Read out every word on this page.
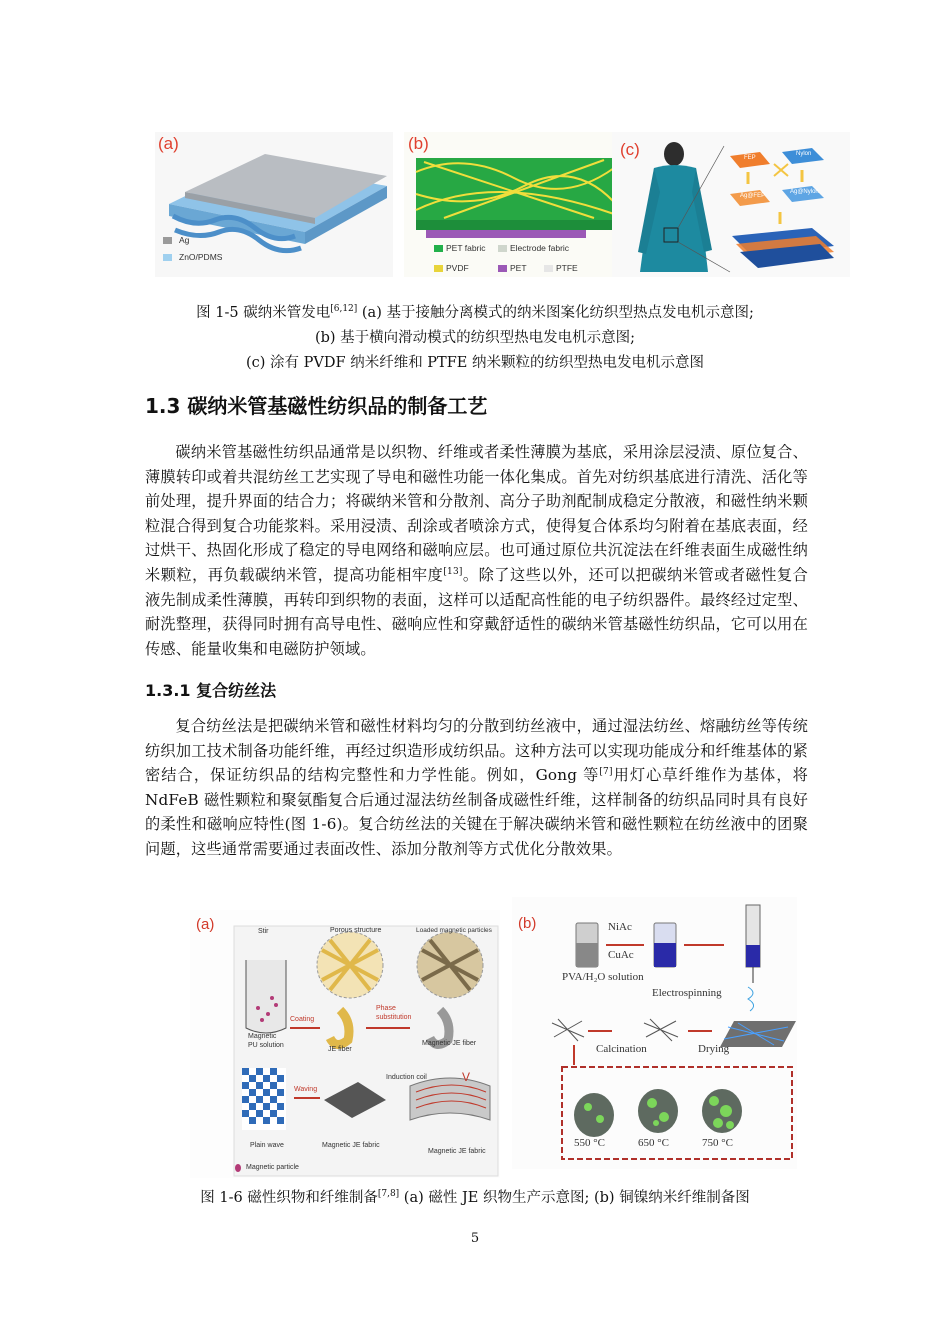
(a)
Ag
ZnO/PDMS
(b)
PET fabric	Electrode fabric
PVDF	PET	PTFE
(c)	FEP
Nylon
Ag@FEP
Ag@Nylon
图 1-5 碳纳米管发电[6,12] (a) 基于接触分离模式的纳米图案化纺织型热点发电机示意图;
(b) 基于横向滑动模式的纺织型热电发电机示意图;
(c) 涂有 PVDF 纳米纤维和 PTFE 纳米颗粒的纺织型热电发电机示意图
1.3 碳纳米管基磁性纺织品的制备工艺
碳纳米管基磁性纺织品通常是以织物、纤维或者柔性薄膜为基底，采用涂层浸渍、原位复合、薄膜转印或着共混纺丝工艺实现了导电和磁性功能一体化集成。首先对纺织基底进行清洗、活化等前处理，提升界面的结合力；将碳纳米管和分散剂、高分子助剂配制成稳定分散液，和磁性纳米颗粒混合得到复合功能浆料。采用浸渍、刮涂或者喷涂方式，使得复合体系均匀附着在基底表面，经过烘干、热固化形成了稳定的导电网络和磁响应层。也可通过原位共沉淀法在纤维表面生成磁性纳米颗粒，再负载碳纳米管，提高功能相牢度[13]。除了这些以外，还可以把碳纳米管或者磁性复合液先制成柔性薄膜，再转印到织物的表面，这样可以适配高性能的电子纺织器件。最终经过定型、耐洗整理，获得同时拥有高导电性、磁响应性和穿戴舒适性的碳纳米管基磁性纺织品，它可以用在传感、能量收集和电磁防护领域。
1.3.1 复合纺丝法
复合纺丝法是把碳纳米管和磁性材料均匀的分散到纺丝液中，通过湿法纺丝、熔融纺丝等传统纺织加工技术制备功能纤维，再经过织造形成纺织品。这种方法可以实现功能成分和纤维基体的紧密结合，保证纺织品的结构完整性和力学性能。例如，Gong 等[7]用灯心草纤维作为基体，将 NdFeB 磁性颗粒和聚氨酯复合后通过湿法纺丝制备成磁性纤维，这样制备的纺织品同时具有良好的柔性和磁响应特性(图 1-6)。复合纺丝法的关键在于解决碳纳米管和磁性颗粒在纺丝液中的团聚问题，这些通常需要通过表面改性、添加分散剂等方式优化分散效果。
(a)	Stir	Porous structure	Loaded magnetic particles
Magnetic
PU solution
Coating
JE fiber
Phase
substitution
Magnetic JE fiber
Waving
Induction coil	V
Plain wave	Magnetic JE fabric
Magnetic JE fabric
Magnetic particle
(b)	NiAc
CuAc
PVA/H₂O solution
Electrospinning
Calcination	Drying
550 °C	650 °C	750 °C
图 1-6 磁性织物和纤维制备[7,8] (a) 磁性 JE 织物生产示意图; (b) 铜镍纳米纤维制备图
5
